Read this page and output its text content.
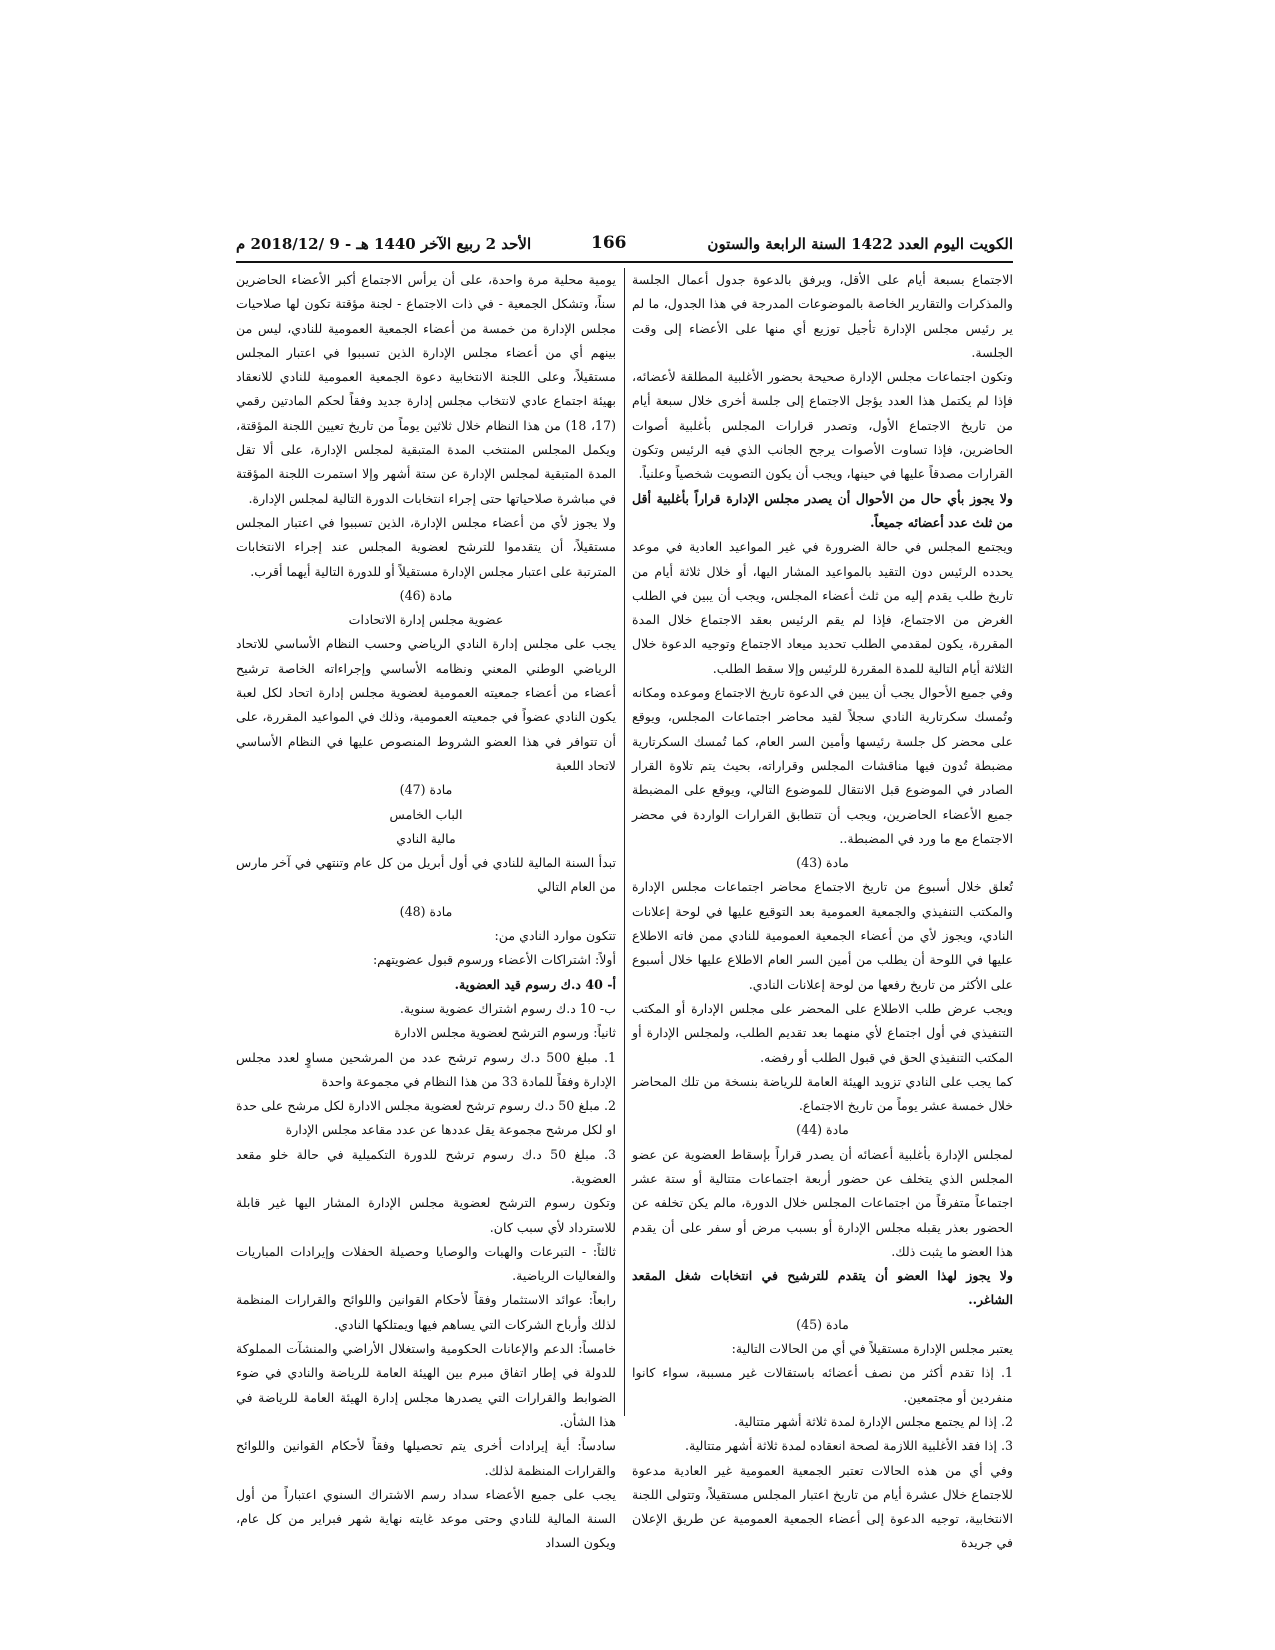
الكويت اليوم العدد 1422 السنة الرابعة والستون
166
الأحد 2 ربيع الآخر 1440 هـ - 9 /2018/12 م

الاجتماع بسبعة أيام على الأقل، ويرفق بالدعوة جدول أعمال الجلسة والمذكرات والتقارير الخاصة بالموضوعات المدرجة في هذا الجدول، ما لم ير رئيس مجلس الإدارة تأجيل توزيع أي منها على الأعضاء إلى وقت الجلسة.

وتكون اجتماعات مجلس الإدارة صحيحة بحضور الأغلبية المطلقة لأعضائه، فإذا لم يكتمل هذا العدد يؤجل الاجتماع إلى جلسة أخرى خلال سبعة أيام من تاريخ الاجتماع الأول، وتصدر قرارات المجلس بأغلبية أصوات الحاضرين، فإذا تساوت الأصوات يرجح الجانب الذي فيه الرئيس وتكون القرارات مصدقاً عليها في حينها، ويجب أن يكون التصويت شخصياً وعلنياً.

ولا يجوز بأي حال من الأحوال أن يصدر مجلس الإدارة قراراً بأغلبية أقل من ثلث عدد أعضائه جميعاً.

ويجتمع المجلس في حالة الضرورة في غير المواعيد العادية في موعد يحدده الرئيس دون التقيد بالمواعيد المشار اليها، أو خلال ثلاثة أيام من تاريخ طلب يقدم إليه من ثلث أعضاء المجلس، ويجب أن يبين في الطلب الغرض من الاجتماع، فإذا لم يقم الرئيس بعقد الاجتماع خلال المدة المقررة، يكون لمقدمي الطلب تحديد ميعاد الاجتماع وتوجيه الدعوة خلال الثلاثة أيام التالية للمدة المقررة للرئيس وإلا سقط الطلب.

وفي جميع الأحوال يجب أن يبين في الدعوة تاريخ الاجتماع وموعده ومكانه وتُمسك سكرتارية النادي سجلاً لقيد محاضر اجتماعات المجلس، ويوقع على محضر كل جلسة رئيسها وأمين السر العام، كما تُمسك السكرتارية مضبطة تُدون فيها مناقشات المجلس وقراراته، بحيث يتم تلاوة القرار الصادر في الموضوع قبل الانتقال للموضوع التالي، ويوقع على المضبطة جميع الأعضاء الحاضرين، ويجب أن تتطابق القرارات الواردة في محضر الاجتماع مع ما ورد في المضبطة..

مادة (43)

تُعلق خلال أسبوع من تاريخ الاجتماع محاضر اجتماعات مجلس الإدارة والمكتب التنفيذي والجمعية العمومية بعد التوقيع عليها في لوحة إعلانات النادي، ويجوز لأي من أعضاء الجمعية العمومية للنادي ممن فاته الاطلاع عليها في اللوحة أن يطلب من أمين السر العام الاطلاع عليها خلال أسبوع على الأكثر من تاريخ رفعها من لوحة إعلانات النادي.

ويجب عرض طلب الاطلاع على المحضر على مجلس الإدارة أو المكتب التنفيذي في أول اجتماع لأي منهما بعد تقديم الطلب، ولمجلس الإدارة أو المكتب التنفيذي الحق في قبول الطلب أو رفضه.

كما يجب على النادي تزويد الهيئة العامة للرياضة بنسخة من تلك المحاضر خلال خمسة عشر يوماً من تاريخ الاجتماع.

مادة (44)

لمجلس الإدارة بأغلبية أعضائه أن يصدر قراراً بإسقاط العضوية عن عضو المجلس الذي يتخلف عن حضور أربعة اجتماعات متتالية أو ستة عشر اجتماعاً متفرقاً من اجتماعات المجلس خلال الدورة، مالم يكن تخلفه عن الحضور بعذر يقبله مجلس الإدارة أو بسبب مرض أو سفر على أن يقدم هذا العضو ما يثبت ذلك.

ولا يجوز لهذا العضو أن يتقدم للترشيح في انتخابات شغل المقعد الشاغر..

مادة (45)

يعتبر مجلس الإدارة مستقيلاً في أي من الحالات التالية:

1. إذا تقدم أكثر من نصف أعضائه باستقالات غير مسببة، سواء كانوا منفردين أو مجتمعين.

2. إذا لم يجتمع مجلس الإدارة لمدة ثلاثة أشهر متتالية.

3. إذا فقد الأغلبية اللازمة لصحة انعقاده لمدة ثلاثة أشهر متتالية.

وفي أي من هذه الحالات تعتبر الجمعية العمومية غير العادية مدعوة للاجتماع خلال عشرة أيام من تاريخ اعتبار المجلس مستقيلاً، وتتولى اللجنة الانتخابية، توجيه الدعوة إلى أعضاء الجمعية العمومية عن طريق الإعلان في جريدة

يومية محلية مرة واحدة، على أن يرأس الاجتماع أكبر الأعضاء الحاضرين سناً، وتشكل الجمعية - في ذات الاجتماع - لجنة مؤقتة تكون لها صلاحيات مجلس الإدارة من خمسة من أعضاء الجمعية العمومية للنادي، ليس من بينهم أي من أعضاء مجلس الإدارة الذين تسببوا في اعتبار المجلس مستقيلاً، وعلى اللجنة الانتخابية دعوة الجمعية العمومية للنادي للانعقاد بهيئة اجتماع عادي لانتخاب مجلس إدارة جديد وفقاً لحكم المادتين رقمي (17، 18) من هذا النظام خلال ثلاثين يوماً من تاريخ تعيين اللجنة المؤقتة، ويكمل المجلس المنتخب المدة المتبقية لمجلس الإدارة، على ألا تقل المدة المتبقية لمجلس الإدارة عن ستة أشهر وإلا استمرت اللجنة المؤقتة في مباشرة صلاحياتها حتى إجراء انتخابات الدورة التالية لمجلس الإدارة.

ولا يجوز لأي من أعضاء مجلس الإدارة، الذين تسببوا في اعتبار المجلس مستقيلاً، أن يتقدموا للترشح لعضوية المجلس عند إجراء الانتخابات المترتبة على اعتبار مجلس الإدارة مستقيلاً أو للدورة التالية أيهما أقرب.

مادة (46)

عضوية مجلس إدارة الاتحادات

يجب على مجلس إدارة النادي الرياضي وحسب النظام الأساسي للاتحاد الرياضي الوطني المعني ونظامه الأساسي وإجراءاته الخاصة ترشيح أعضاء من أعضاء جمعيته العمومية لعضوية مجلس إدارة اتحاد لكل لعبة يكون النادي عضواً في جمعيته العمومية، وذلك في المواعيد المقررة، على أن تتوافر في هذا العضو الشروط المنصوص عليها في النظام الأساسي لاتحاد اللعبة

مادة (47)

الباب الخامس

مالية النادي

تبدأ السنة المالية للنادي في أول أبريل من كل عام وتنتهي في آخر مارس من العام التالي

مادة (48)

تتكون موارد النادي من:

أولاً: اشتراكات الأعضاء ورسوم قبول عضويتهم:

أ- 40 د.ك رسوم قيد العضوية.

ب- 10 د.ك رسوم اشتراك عضوية سنوية.

ثانياً: ورسوم الترشح لعضوية مجلس الادارة

1. مبلغ 500 د.ك رسوم ترشح عدد من المرشحين مساوٍ لعدد مجلس الإدارة وفقاً للمادة 33 من هذا النظام في مجموعة واحدة

2. مبلغ 50 د.ك رسوم ترشح لعضوية مجلس الادارة لكل مرشح على حدة او لكل مرشح مجموعة يقل عددها عن عدد مقاعد مجلس الإدارة

3. مبلغ 50 د.ك رسوم ترشح للدورة التكميلية في حالة خلو مقعد العضوية.

وتكون رسوم الترشح لعضوية مجلس الإدارة المشار اليها غير قابلة للاسترداد لأي سبب كان.

ثالثاً: - التبرعات والهبات والوصايا وحصيلة الحفلات وإيرادات المباريات والفعاليات الرياضية.

رابعاً: عوائد الاستثمار وفقاً لأحكام القوانين واللوائح والقرارات المنظمة لذلك وأرباح الشركات التي يساهم فيها ويمتلكها النادي.

خامساً: الدعم والإعانات الحكومية واستغلال الأراضي والمنشآت المملوكة للدولة في إطار اتفاق مبرم بين الهيئة العامة للرياضة والنادي في ضوء الضوابط والقرارات التي يصدرها مجلس إدارة الهيئة العامة للرياضة في هذا الشأن.

سادساً: أية إيرادات أخرى يتم تحصيلها وفقاً لأحكام القوانين واللوائح والقرارات المنظمة لذلك.

يجب على جميع الأعضاء سداد رسم الاشتراك السنوي اعتباراً من أول السنة المالية للنادي وحتى موعد غايته نهاية شهر فبراير من كل عام، ويكون السداد
